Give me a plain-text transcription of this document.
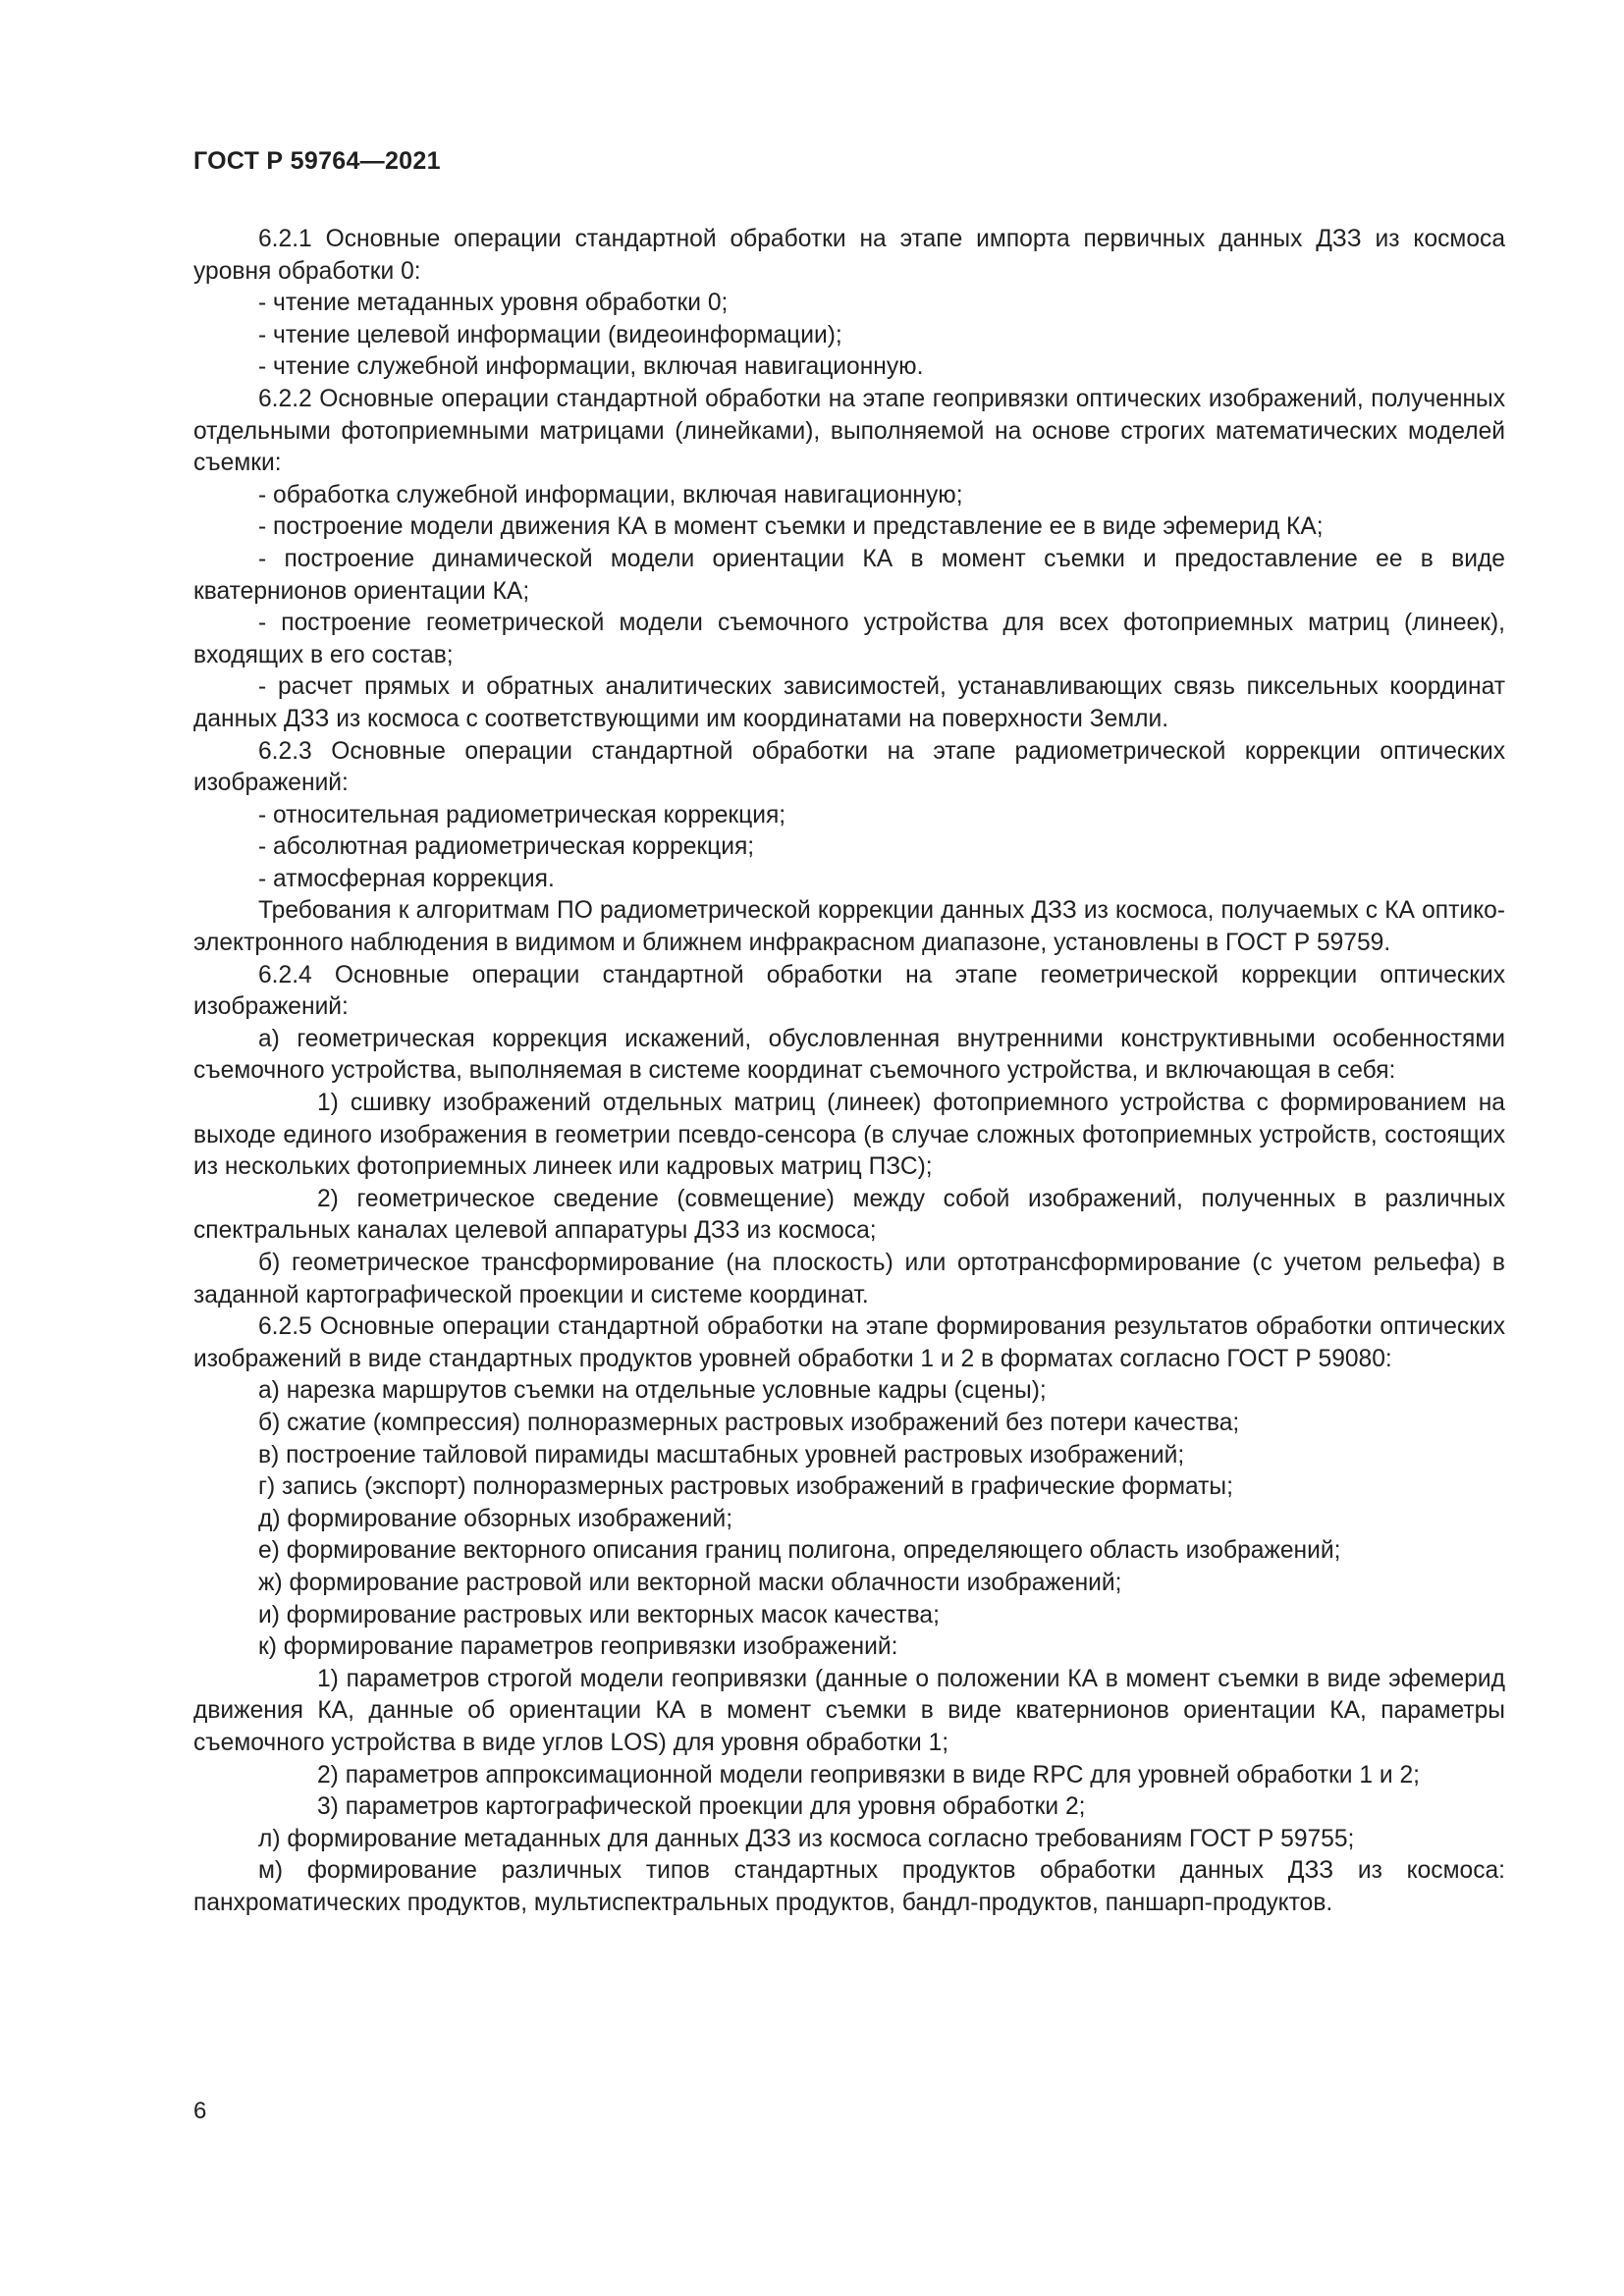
ГОСТ Р 59764—2021

6.2.1 Основные операции стандартной обработки на этапе импорта первичных данных ДЗЗ из космоса уровня обработки 0:

- чтение метаданных уровня обработки 0;

- чтение целевой информации (видеоинформации);

- чтение служебной информации, включая навигационную.

6.2.2 Основные операции стандартной обработки на этапе геопривязки оптических изображений, полученных отдельными фотоприемными матрицами (линейками), выполняемой на основе строгих математических моделей съемки:

- обработка служебной информации, включая навигационную;

- построение модели движения КА в момент съемки и представление ее в виде эфемерид КА;

- построение динамической модели ориентации КА в момент съемки и предоставление ее в виде кватернионов ориентации КА;

- построение геометрической модели съемочного устройства для всех фотоприемных матриц (линеек), входящих в его состав;

- расчет прямых и обратных аналитических зависимостей, устанавливающих связь пиксельных координат данных ДЗЗ из космоса с соответствующими им координатами на поверхности Земли.

6.2.3 Основные операции стандартной обработки на этапе радиометрической коррекции оптических изображений:

- относительная радиометрическая коррекция;

- абсолютная радиометрическая коррекция;

- атмосферная коррекция.

Требования к алгоритмам ПО радиометрической коррекции данных ДЗЗ из космоса, получаемых с КА оптико-электронного наблюдения в видимом и ближнем инфракрасном диапазоне, установлены в ГОСТ Р 59759.

6.2.4 Основные операции стандартной обработки на этапе геометрической коррекции оптических изображений:

а) геометрическая коррекция искажений, обусловленная внутренними конструктивными особенностями съемочного устройства, выполняемая в системе координат съемочного устройства, и включающая в себя:

1) сшивку изображений отдельных матриц (линеек) фотоприемного устройства с формированием на выходе единого изображения в геометрии псевдо-сенсора (в случае сложных фотоприемных устройств, состоящих из нескольких фотоприемных линеек или кадровых матриц ПЗС);

2) геометрическое сведение (совмещение) между собой изображений, полученных в различных спектральных каналах целевой аппаратуры ДЗЗ из космоса;

б) геометрическое трансформирование (на плоскость) или ортотрансформирование (с учетом рельефа) в заданной картографической проекции и системе координат.

6.2.5 Основные операции стандартной обработки на этапе формирования результатов обработки оптических изображений в виде стандартных продуктов уровней обработки 1 и 2 в форматах согласно ГОСТ Р 59080:

а) нарезка маршрутов съемки на отдельные условные кадры (сцены);

б) сжатие (компрессия) полноразмерных растровых изображений без потери качества;

в) построение тайловой пирамиды масштабных уровней растровых изображений;

г) запись (экспорт) полноразмерных растровых изображений в графические форматы;

д) формирование обзорных изображений;

е) формирование векторного описания границ полигона, определяющего область изображений;

ж) формирование растровой или векторной маски облачности изображений;

и) формирование растровых или векторных масок качества;

к) формирование параметров геопривязки изображений:

1) параметров строгой модели геопривязки (данные о положении КА в момент съемки в виде эфемерид движения КА, данные об ориентации КА в момент съемки в виде кватернионов ориентации КА, параметры съемочного устройства в виде углов LOS) для уровня обработки 1;

2) параметров аппроксимационной модели геопривязки в виде RPC для уровней обработки 1 и 2;

3) параметров картографической проекции для уровня обработки 2;

л) формирование метаданных для данных ДЗЗ из космоса согласно требованиям ГОСТ Р 59755;

м) формирование различных типов стандартных продуктов обработки данных ДЗЗ из космоса: панхроматических продуктов, мультиспектральных продуктов, бандл-продуктов, паншарп-продуктов.

6
